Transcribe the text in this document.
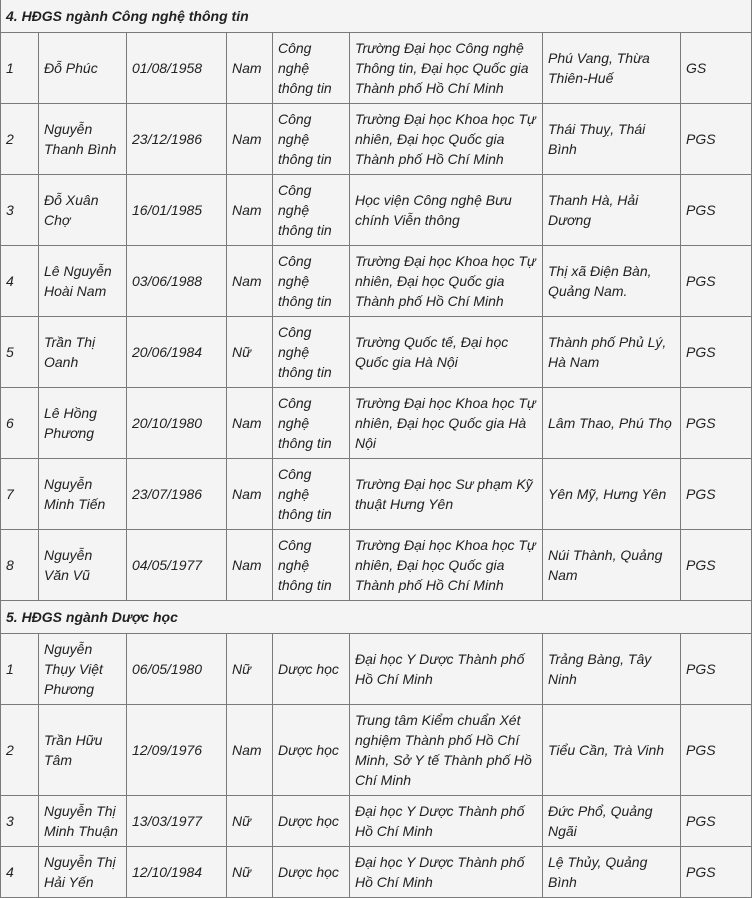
4. HĐGS ngành Công nghệ thông tin							
1	Đỗ Phúc	01/08/1958	Nam	Công nghệ thông tin	Trường Đại học Công nghệ Thông tin, Đại học Quốc gia Thành phố Hồ Chí Minh	Phú Vang, Thừa Thiên-Huế	GS
2	Nguyễn Thanh Bình	23/12/1986	Nam	Công nghệ thông tin	Trường Đại học Khoa học Tự nhiên, Đại học Quốc gia Thành phố Hồ Chí Minh	Thái Thuỵ, Thái Bình	PGS
3	Đỗ Xuân Chợ	16/01/1985	Nam	Công nghệ thông tin	Học viện Công nghệ Bưu chính Viễn thông	Thanh Hà, Hải Dương	PGS
4	Lê Nguyễn Hoài Nam	03/06/1988	Nam	Công nghệ thông tin	Trường Đại học Khoa học Tự nhiên, Đại học Quốc gia Thành phố Hồ Chí Minh	Thị xã Điện Bàn, Quảng Nam.	PGS
5	Trần Thị Oanh	20/06/1984	Nữ	Công nghệ thông tin	Trường Quốc tế, Đại học Quốc gia Hà Nội	Thành phố Phủ Lý, Hà Nam	PGS
6	Lê Hồng Phương	20/10/1980	Nam	Công nghệ thông tin	Trường Đại học Khoa học Tự nhiên, Đại học Quốc gia Hà Nội	Lâm Thao, Phú Thọ	PGS
7	Nguyễn Minh Tiến	23/07/1986	Nam	Công nghệ thông tin	Trường Đại học Sư phạm Kỹ thuật Hưng Yên	Yên Mỹ, Hưng Yên	PGS
8	Nguyễn Văn Vũ	04/05/1977	Nam	Công nghệ thông tin	Trường Đại học Khoa học Tự nhiên, Đại học Quốc gia Thành phố Hồ Chí Minh	Núi Thành, Quảng Nam	PGS
5. HĐGS ngành Dược học							
1	Nguyễn Thụy Việt Phương	06/05/1980	Nữ	Dược học	Đại học Y Dược Thành phố Hồ Chí Minh	Trảng Bàng, Tây Ninh	PGS
2	Trần Hữu Tâm	12/09/1976	Nam	Dược học	Trung tâm Kiểm chuẩn Xét nghiệm Thành phố Hồ Chí Minh, Sở Y tế Thành phố Hồ Chí Minh	Tiểu Cần, Trà Vinh	PGS
3	Nguyễn Thị Minh Thuận	13/03/1977	Nữ	Dược học	Đại học Y Dược Thành phố Hồ Chí Minh	Đức Phổ, Quảng Ngãi	PGS
4	Nguyễn Thị Hải Yến	12/10/1984	Nữ	Dược học	Đại học Y Dược Thành phố Hồ Chí Minh	Lệ Thủy, Quảng Bình	PGS
